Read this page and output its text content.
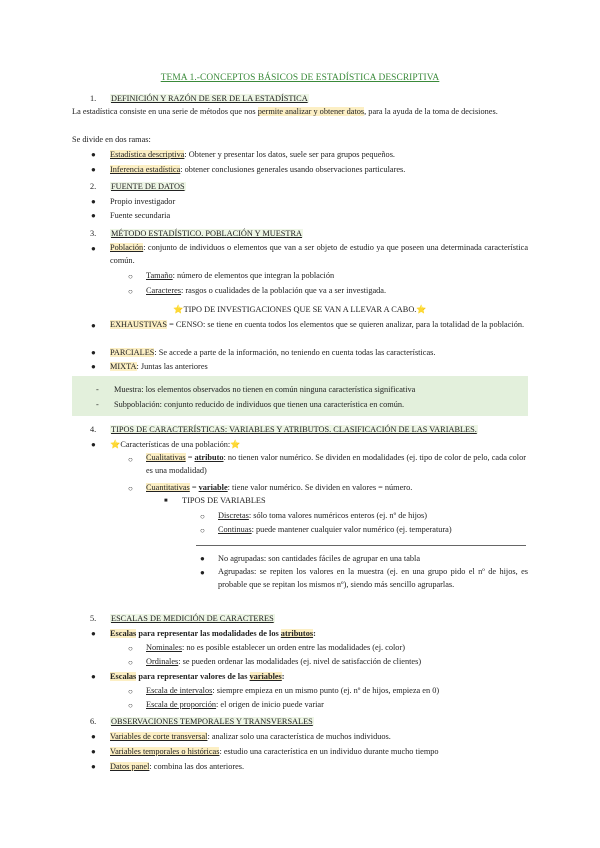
TEMA 1.-CONCEPTOS BÁSICOS DE ESTADÍSTICA DESCRIPTIVA
1. DEFINICIÓN Y RAZÓN DE SER DE LA ESTADÍSTICA
La estadística consiste en una serie de métodos que nos permite analizar y obtener datos, para la ayuda de la toma de decisiones.
Se divide en dos ramas:
● Estadística descriptiva: Obtener y presentar los datos, suele ser para grupos pequeños.
● Inferencia estadística: obtener conclusiones generales usando observaciones particulares.
2. FUENTE DE DATOS
● Propio investigador
● Fuente secundaria
3. MÉTODO ESTADÍSTICO. POBLACIÓN Y MUESTRA
● Población: conjunto de individuos o elementos que van a ser objeto de estudio ya que poseen una determinada característica común.
○ Tamaño: número de elementos que integran la población
○ Caracteres: rasgos o cualidades de la población que va a ser investigada.
⭐TIPO DE INVESTIGACIONES QUE SE VAN A LLEVAR A CABO.⭐
● EXHAUSTIVAS = CENSO: se tiene en cuenta todos los elementos que se quieren analizar, para la totalidad de la población.
● PARCIALES: Se accede a parte de la información, no teniendo en cuenta todas las características.
● MIXTA: Juntas las anteriores
- Muestra: los elementos observados no tienen en común ninguna característica significativa
- Subpoblación: conjunto reducido de individuos que tienen una característica en común.
4. TIPOS DE CARACTERÍSTICAS: VARIABLES Y ATRIBUTOS. CLASIFICACIÓN DE LAS VARIABLES.
● ⭐Características de una población:⭐
○ Cualitativas = atributo: no tienen valor numérico. Se dividen en modalidades (ej. tipo de color de pelo, cada color es una modalidad)
○ Cuantitativas = variable: tiene valor numérico. Se dividen en valores = número.
■ TIPOS DE VARIABLES
○ Discretas: sólo toma valores numéricos enteros (ej. nº de hijos)
○ Continuas: puede mantener cualquier valor numérico (ej. temperatura)
● No agrupadas: son cantidades fáciles de agrupar en una tabla
● Agrupadas: se repiten los valores en la muestra (ej. en una grupo pido el nº de hijos, es probable que se repitan los mismos nº), siendo más sencillo agruparlas.
5. ESCALAS DE MEDICIÓN DE CARACTERES
● Escalas para representar las modalidades de los atributos:
○ Nominales: no es posible establecer un orden entre las modalidades (ej. color)
○ Ordinales: se pueden ordenar las modalidades (ej. nivel de satisfacción de clientes)
● Escalas para representar valores de las variables:
○ Escala de intervalos: siempre empieza en un mismo punto (ej. nº de hijos, empieza en 0)
○ Escala de proporción: el origen de inicio puede variar
6. OBSERVACIONES TEMPORALES Y TRANSVERSALES
● Variables de corte transversal: analizar solo una característica de muchos individuos.
● Variables temporales o históricas: estudio una característica en un individuo durante mucho tiempo
● Datos panel: combina las dos anteriores.
